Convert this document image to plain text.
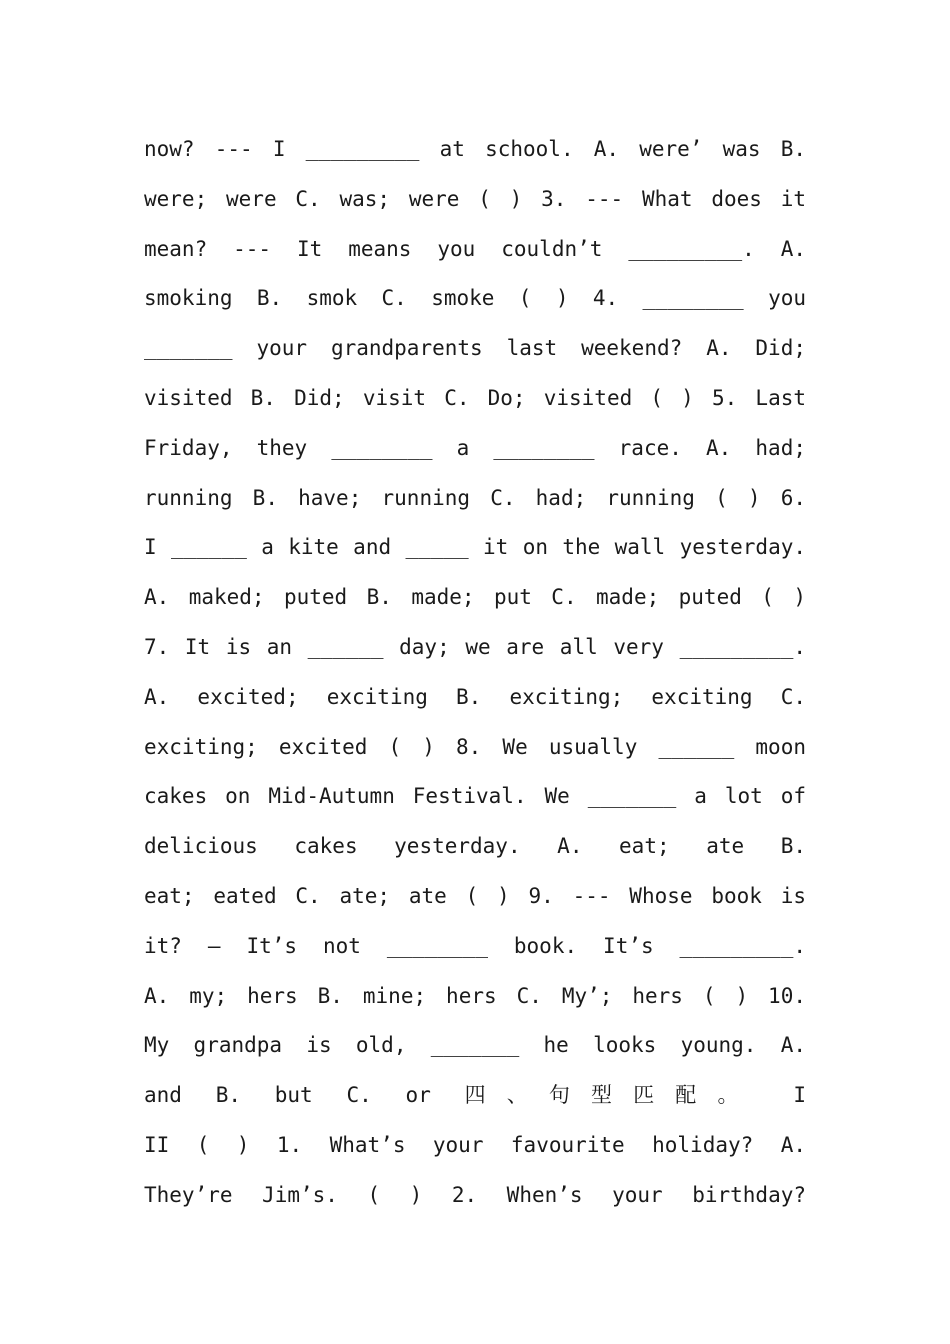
now? --- I _________ at school. A. were’ was B.
were; were C. was; were ( ) 3. --- What does it
mean? --- It means you couldn’t _________. A.
smoking B. smok C. smoke ( ) 4. ________ you
_______ your grandparents last weekend? A. Did;
visited B. Did; visit C. Do; visited ( ) 5. Last
Friday, they ________ a ________ race. A. had;
running B. have; running C. had; running ( ) 6.
I ______ a kite and _____ it on the wall yesterday.
A. maked; puted B. made; put C. made; puted ( )
7. It is an ______ day; we are all very _________.
A. excited; exciting B. exciting; exciting C.
exciting; excited ( ) 8. We usually ______ moon
cakes on Mid-Autumn Festival. We _______ a lot of
delicious cakes yesterday. A. eat; ate B.
eat; eated C. ate; ate ( ) 9. --- Whose book is
it? – It’s not ________ book. It’s _________.
A. my; hers B. mine; hers C. My’; hers ( ) 10.
My grandpa is old, _______ he looks young. A.
and B. but C. or 四、句型匹配。 I
II ( ) 1. What’s your favourite holiday? A.
They’re Jim’s. ( ) 2. When’s your birthday?
